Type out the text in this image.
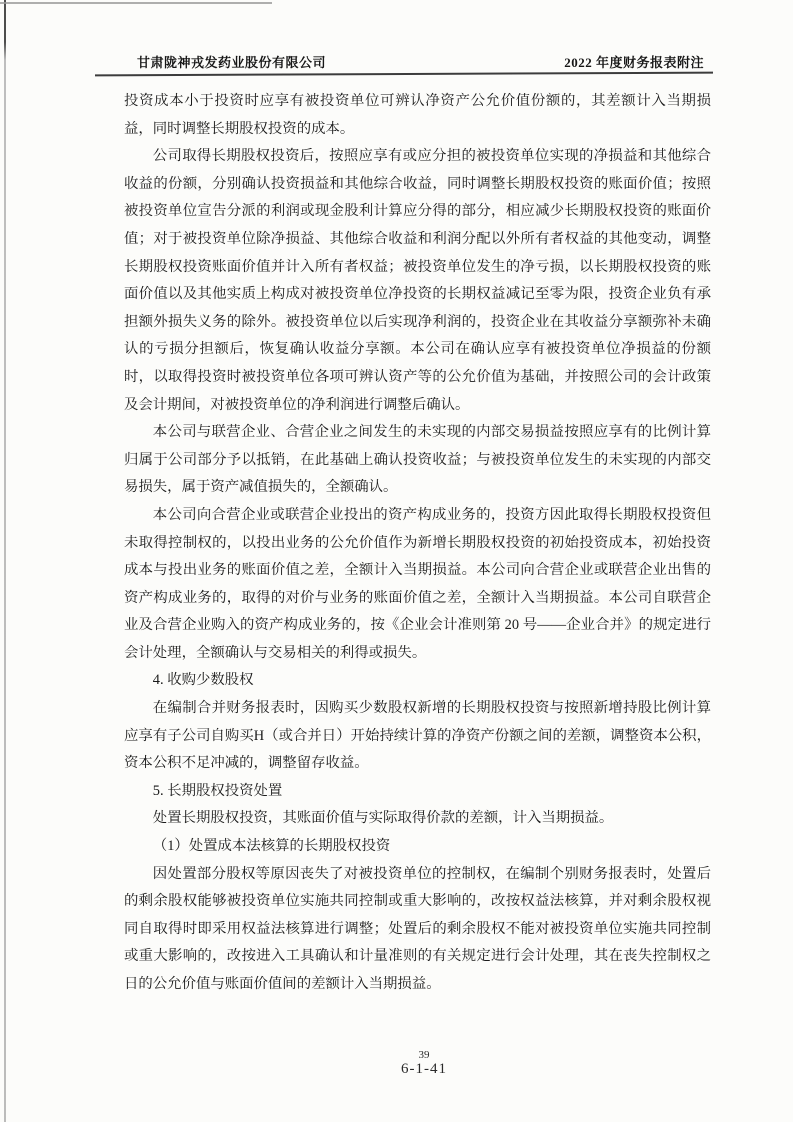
甘肃陇神戎发药业股份有限公司	2022 年度财务报表附注

投资成本小于投资时应享有被投资单位可辨认净资产公允价值份额的，其差额计入当期损益，同时调整长期股权投资的成本。

公司取得长期股权投资后，按照应享有或应分担的被投资单位实现的净损益和其他综合收益的份额，分别确认投资损益和其他综合收益，同时调整长期股权投资的账面价值；按照被投资单位宣告分派的利润或现金股利计算应分得的部分，相应减少长期股权投资的账面价值；对于被投资单位除净损益、其他综合收益和利润分配以外所有者权益的其他变动，调整长期股权投资账面价值并计入所有者权益；被投资单位发生的净亏损，以长期股权投资的账面价值以及其他实质上构成对被投资单位净投资的长期权益减记至零为限，投资企业负有承担额外损失义务的除外。被投资单位以后实现净利润的，投资企业在其收益分享额弥补未确认的亏损分担额后，恢复确认收益分享额。本公司在确认应享有被投资单位净损益的份额时，以取得投资时被投资单位各项可辨认资产等的公允价值为基础，并按照公司的会计政策及会计期间，对被投资单位的净利润进行调整后确认。

本公司与联营企业、合营企业之间发生的未实现的内部交易损益按照应享有的比例计算归属于公司部分予以抵销，在此基础上确认投资收益；与被投资单位发生的未实现的内部交易损失，属于资产减值损失的，全额确认。

本公司向合营企业或联营企业投出的资产构成业务的，投资方因此取得长期股权投资但未取得控制权的，以投出业务的公允价值作为新增长期股权投资的初始投资成本，初始投资成本与投出业务的账面价值之差，全额计入当期损益。本公司向合营企业或联营企业出售的资产构成业务的，取得的对价与业务的账面价值之差，全额计入当期损益。本公司自联营企业及合营企业购入的资产构成业务的，按《企业会计准则第 20 号——企业合并》的规定进行会计处理，全额确认与交易相关的利得或损失。

4. 收购少数股权

在编制合并财务报表时，因购买少数股权新增的长期股权投资与按照新增持股比例计算应享有子公司自购买H（或合并日）开始持续计算的净资产份额之间的差额，调整资本公积，资本公积不足冲减的，调整留存收益。

5. 长期股权投资处置

处置长期股权投资，其账面价值与实际取得价款的差额，计入当期损益。

（1）处置成本法核算的长期股权投资

因处置部分股权等原因丧失了对被投资单位的控制权，在编制个别财务报表时，处置后的剩余股权能够被投资单位实施共同控制或重大影响的，改按权益法核算，并对剩余股权视同自取得时即采用权益法核算进行调整；处置后的剩余股权不能对被投资单位实施共同控制或重大影响的，改按进入工具确认和计量准则的有关规定进行会计处理，其在丧失控制权之日的公允价值与账面价值间的差额计入当期损益。

39
6-1-41
